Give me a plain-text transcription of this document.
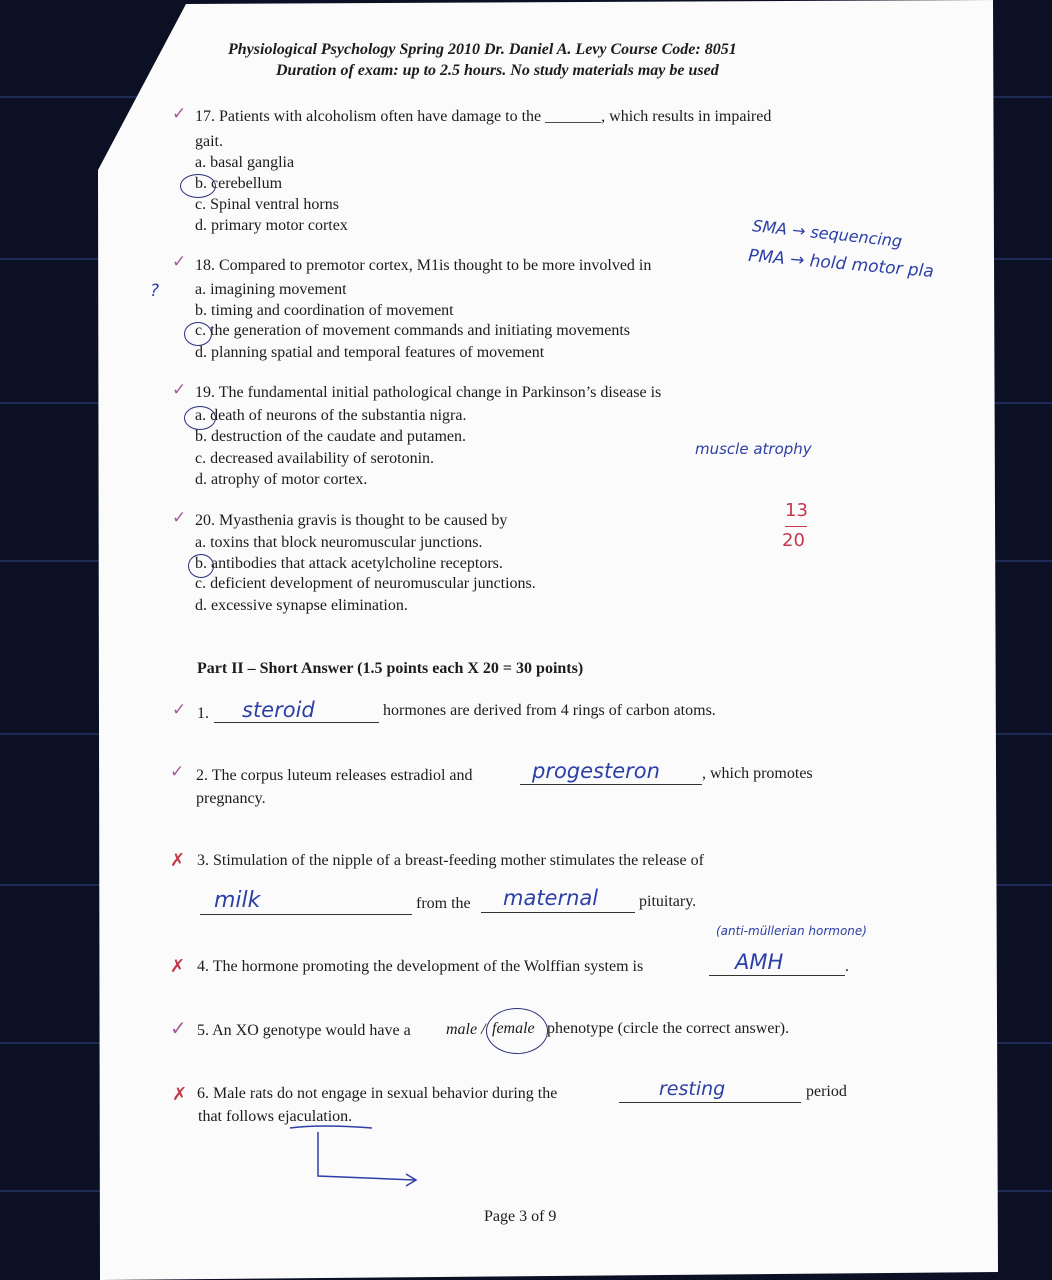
Physiological Psychology Spring 2010 Dr. Daniel A. Levy Course Code: 8051
Duration of exam: up to 2.5 hours. No study materials may be used
✓ 17. Patients with alcoholism often have damage to the _______, which results in impaired
gait.
a. basal ganglia
b. cerebellum
c. Spinal ventral horns
d. primary motor cortex	SMA → sequencing
✓ 18. Compared to premotor cortex, M1is thought to be more involved in	PMA → hold motor pla
? a. imagining movement
b. timing and coordination of movement
c. the generation of movement commands and initiating movements
d. planning spatial and temporal features of movement
✓ 19. The fundamental initial pathological change in Parkinson’s disease is
a. death of neurons of the substantia nigra.
b. destruction of the caudate and putamen.
c. decreased availability of serotonin.
muscle atrophy
d. atrophy of motor cortex.
✓ 20. Myasthenia gravis is thought to be caused by	13
20
a. toxins that block neuromuscular junctions.
b. antibodies that attack acetylcholine receptors.
c. deficient development of neuromuscular junctions.
d. excessive synapse elimination.
Part II – Short Answer (1.5 points each X 20 = 30 points)
✓ 1. steroid	hormones are derived from 4 rings of carbon atoms.
✓ 2. The corpus luteum releases estradiol and	progesteron	, which promotes
pregnancy.
✗ 3. Stimulation of the nipple of a breast-feeding mother stimulates the release of
milk	from the maternal	pituitary.
(anti-müllerian hormone)
✗ 4. The hormone promoting the development of the Wolffian system is	AMH	.
✓ 5. An XO genotype would have a male / female phenotype (circle the correct answer).
✗ 6. Male rats do not engage in sexual behavior during the	resting	period
that follows ejaculation.
Page 3 of 9
